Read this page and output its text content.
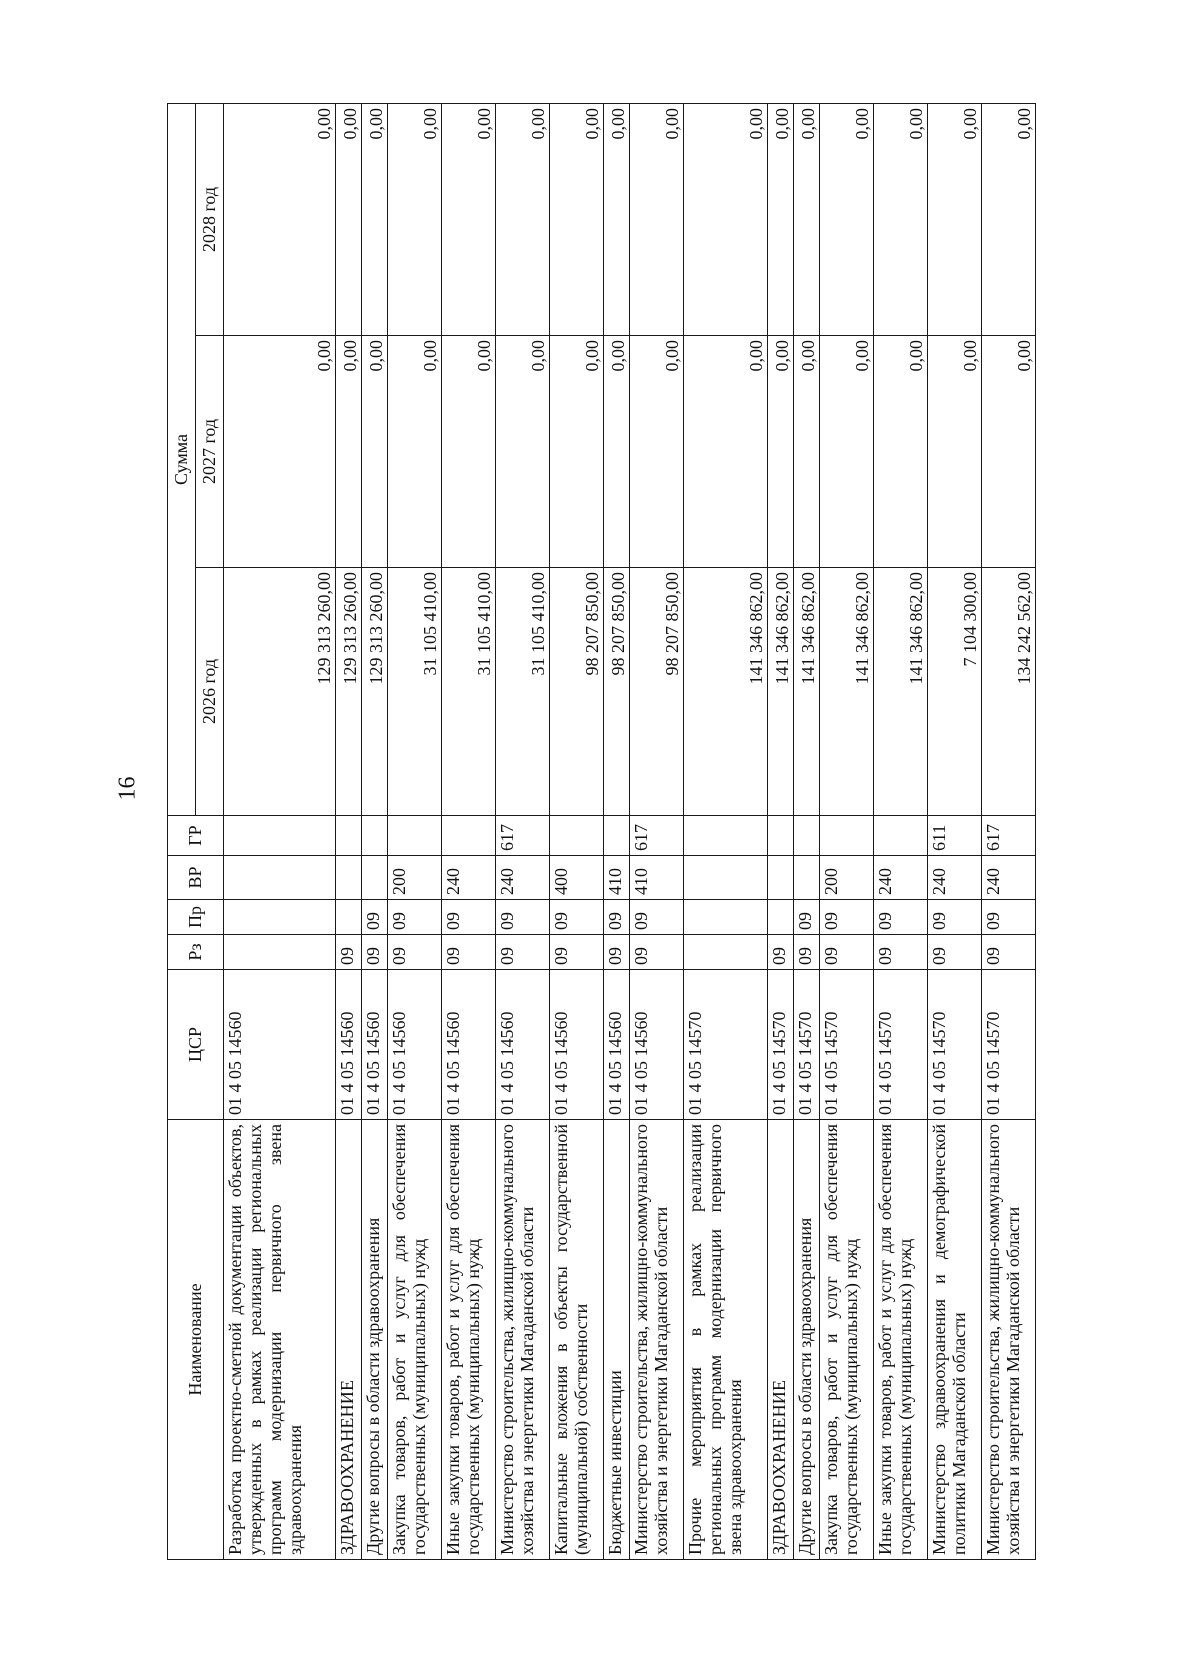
16
Наименование	ЦСР	Рз	Пр	ВР	ГР	Сумма		
						2026 год	2027 год	2028 год
Разработка проектно-сметной документации объектов, утвержденных в рамках реализации региональных программ модернизации первичного звена здравоохранения	01 4 05 14560					129 313 260,00	0,00	0,00
ЗДРАВООХРАНЕНИЕ	01 4 05 14560	09				129 313 260,00	0,00	0,00
Другие вопросы в области здравоохранения	01 4 05 14560	09	09			129 313 260,00	0,00	0,00
Закупка товаров, работ и услуг для обеспечения государственных (муниципальных) нужд	01 4 05 14560	09	09	200		31 105 410,00	0,00	0,00
Иные закупки товаров, работ и услуг для обеспечения государственных (муниципальных) нужд	01 4 05 14560	09	09	240		31 105 410,00	0,00	0,00
Министерство строительства, жилищно-коммунального хозяйства и энергетики Магаданской области	01 4 05 14560	09	09	240	617	31 105 410,00	0,00	0,00
Капитальные вложения в объекты государственной (муниципальной) собственности	01 4 05 14560	09	09	400		98 207 850,00	0,00	0,00
Бюджетные инвестиции	01 4 05 14560	09	09	410		98 207 850,00	0,00	0,00
Министерство строительства, жилищно-коммунального хозяйства и энергетики Магаданской области	01 4 05 14560	09	09	410	617	98 207 850,00	0,00	0,00
Прочие мероприятия в рамках реализации региональных программ модернизации первичного звена здравоохранения	01 4 05 14570					141 346 862,00	0,00	0,00
ЗДРАВООХРАНЕНИЕ	01 4 05 14570	09				141 346 862,00	0,00	0,00
Другие вопросы в области здравоохранения	01 4 05 14570	09	09			141 346 862,00	0,00	0,00
Закупка товаров, работ и услуг для обеспечения государственных (муниципальных) нужд	01 4 05 14570	09	09	200		141 346 862,00	0,00	0,00
Иные закупки товаров, работ и услуг для обеспечения государственных (муниципальных) нужд	01 4 05 14570	09	09	240		141 346 862,00	0,00	0,00
Министерство здравоохранения и демографической политики Магаданской области	01 4 05 14570	09	09	240	611	7 104 300,00	0,00	0,00
Министерство строительства, жилищно-коммунального хозяйства и энергетики Магаданской области	01 4 05 14570	09	09	240	617	134 242 562,00	0,00	0,00
